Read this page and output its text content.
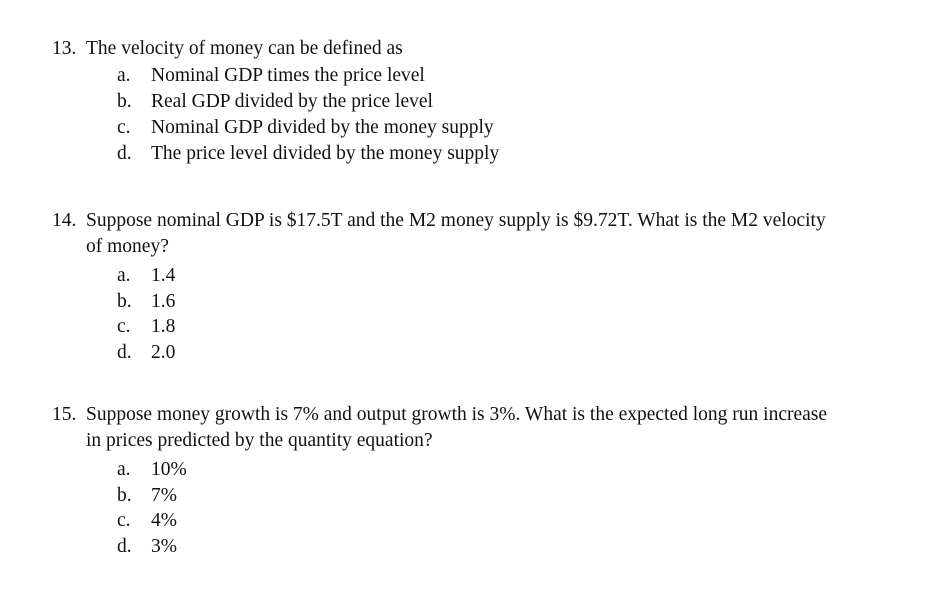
13. The velocity of money can be defined as
a.	Nominal GDP times the price level
b. Real GDP divided by the price level
c.	Nominal GDP divided by the money supply
d. The price level divided by the money supply
14. Suppose nominal GDP is $17.5T and the M2 money supply is $9.72T. What is the M2 velocity of money?
a.	1.4
b. 1.6
c.	1.8
d. 2.0
15. Suppose money growth is 7% and output growth is 3%. What is the expected long run increase in prices predicted by the quantity equation?
a.	10%
b. 7%
c.	4%
d. 3%
